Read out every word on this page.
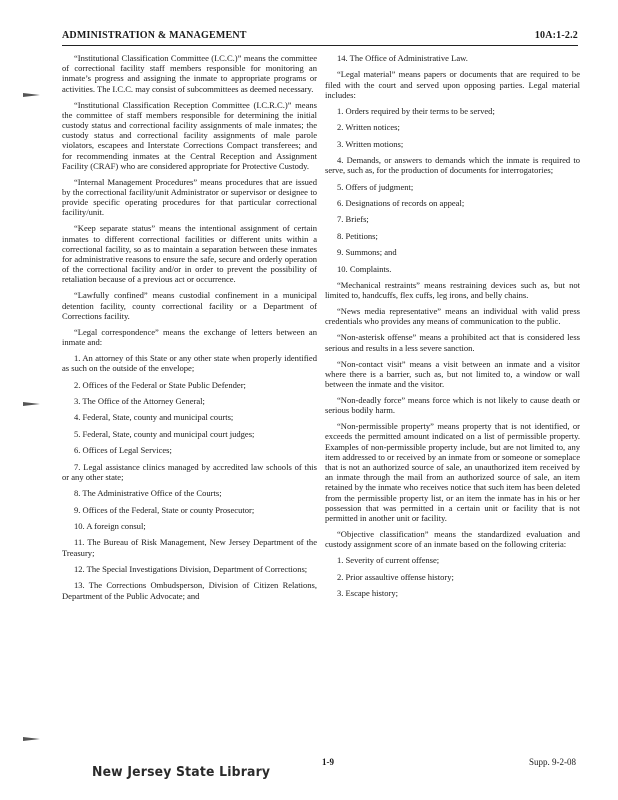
ADMINISTRATION & MANAGEMENT	10A:1-2.2

“Institutional Classification Committee (I.C.C.)” means the committee of correctional facility staff members responsible for monitoring an inmate’s progress and assigning the inmate to appropriate programs or activities. The I.C.C. may consist of subcommittees as deemed necessary.

“Institutional Classification Reception Committee (I.C.R.C.)” means the committee of staff members responsible for determining the initial custody status and correctional facility assignments of male inmates; the custody status and correctional facility assignments of male parole violators, escapees and Interstate Corrections Compact transferees; and for recommending inmates at the Central Reception and Assignment Facility (CRAF) who are considered appropriate for Protective Custody.

“Internal Management Procedures” means procedures that are issued by the correctional facility/unit Administrator or supervisor or designee to provide specific operating procedures for that particular correctional facility/unit.

“Keep separate status” means the intentional assignment of certain inmates to different correctional facilities or different units within a correctional facility, so as to maintain a separation between these inmates for administrative reasons to ensure the safe, secure and orderly operation of the correctional facility and/or in order to prevent the possibility of retaliation because of a previous act or occurrence.

“Lawfully confined” means custodial confinement in a municipal detention facility, county correctional facility or a Department of Corrections facility.

“Legal correspondence” means the exchange of letters between an inmate and:

1. An attorney of this State or any other state when properly identified as such on the outside of the envelope;

2. Offices of the Federal or State Public Defender;

3. The Office of the Attorney General;

4. Federal, State, county and municipal courts;

5. Federal, State, county and municipal court judges;

6. Offices of Legal Services;

7. Legal assistance clinics managed by accredited law schools of this or any other state;

8. The Administrative Office of the Courts;

9. Offices of the Federal, State or county Prosecutor;

10. A foreign consul;

11. The Bureau of Risk Management, New Jersey Department of the Treasury;

12. The Special Investigations Division, Department of Corrections;

13. The Corrections Ombudsperson, Division of Citizen Relations, Department of the Public Advocate; and

14. The Office of Administrative Law.

“Legal material” means papers or documents that are required to be filed with the court and served upon opposing parties. Legal material includes:

1. Orders required by their terms to be served;

2. Written notices;

3. Written motions;

4. Demands, or answers to demands which the inmate is required to serve, such as, for the production of documents for interrogatories;

5. Offers of judgment;

6. Designations of records on appeal;

7. Briefs;

8. Petitions;

9. Summons; and

10. Complaints.

“Mechanical restraints” means restraining devices such as, but not limited to, handcuffs, flex cuffs, leg irons, and belly chains.

“News media representative” means an individual with valid press credentials who provides any means of communication to the public.

“Non-asterisk offense” means a prohibited act that is considered less serious and results in a less severe sanction.

“Non-contact visit” means a visit between an inmate and a visitor where there is a barrier, such as, but not limited to, a window or wall between the inmate and the visitor.

“Non-deadly force” means force which is not likely to cause death or serious bodily harm.

“Non-permissible property” means property that is not identified, or exceeds the permitted amount indicated on a list of permissible property. Examples of non-permissible property include, but are not limited to, any item addressed to or received by an inmate from or someone or someplace that is not an authorized source of sale, an unauthorized item received by an inmate through the mail from an authorized source of sale, an item retained by the inmate who receives notice that such item has been deleted from the permissible property list, or an item the inmate has in his or her possession that was permitted in a certain unit or facility that is not permitted in another unit or facility.

“Objective classification” means the standardized evaluation and custody assignment score of an inmate based on the following criteria:

1. Severity of current offense;

2. Prior assaultive offense history;

3. Escape history;

New Jersey State Library
1-9	Supp. 9-2-08
